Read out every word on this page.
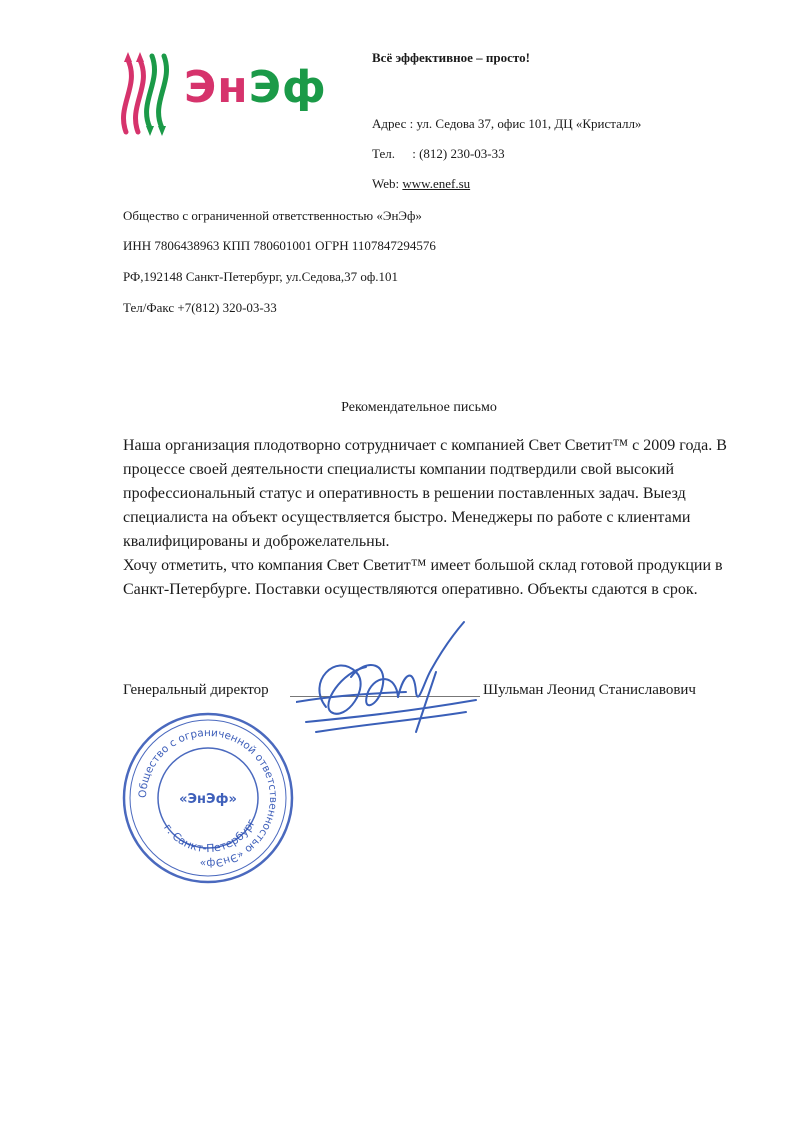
ЭнЭф
Всё эффективное – просто!
Адрес : ул. Седова 37, офис 101, ДЦ «Кристалл»
Тел. : (812) 230-03-33
Web: www.enef.su
Общество с ограниченной ответственностью «ЭнЭф»
ИНН 7806438963 КПП 780601001 ОГРН 1107847294576
РФ,192148 Санкт-Петербург, ул.Седова,37 оф.101
Тел/Факс +7(812) 320-03-33
Рекомендательное письмо
Наша организация плодотворно сотрудничает с компанией Свет Светит™ с 2009 года. В процессе своей деятельности специалисты компании подтвердили свой высокий профессиональный статус и оперативность в решении поставленных задач. Выезд специалиста на объект осуществляется быстро. Менеджеры по работе с клиентами квалифицированы и доброжелательны.
Хочу отметить, что компания Свет Светит™ имеет большой склад готовой продукции в Санкт-Петербурге. Поставки осуществляются оперативно. Объекты сдаются в срок.
Генеральный директор	Шульман Леонид Станиславович
Общество с ограниченной ответственностью «ЭнЭф»
«ЭнЭф»
г. Санкт-Петербург
